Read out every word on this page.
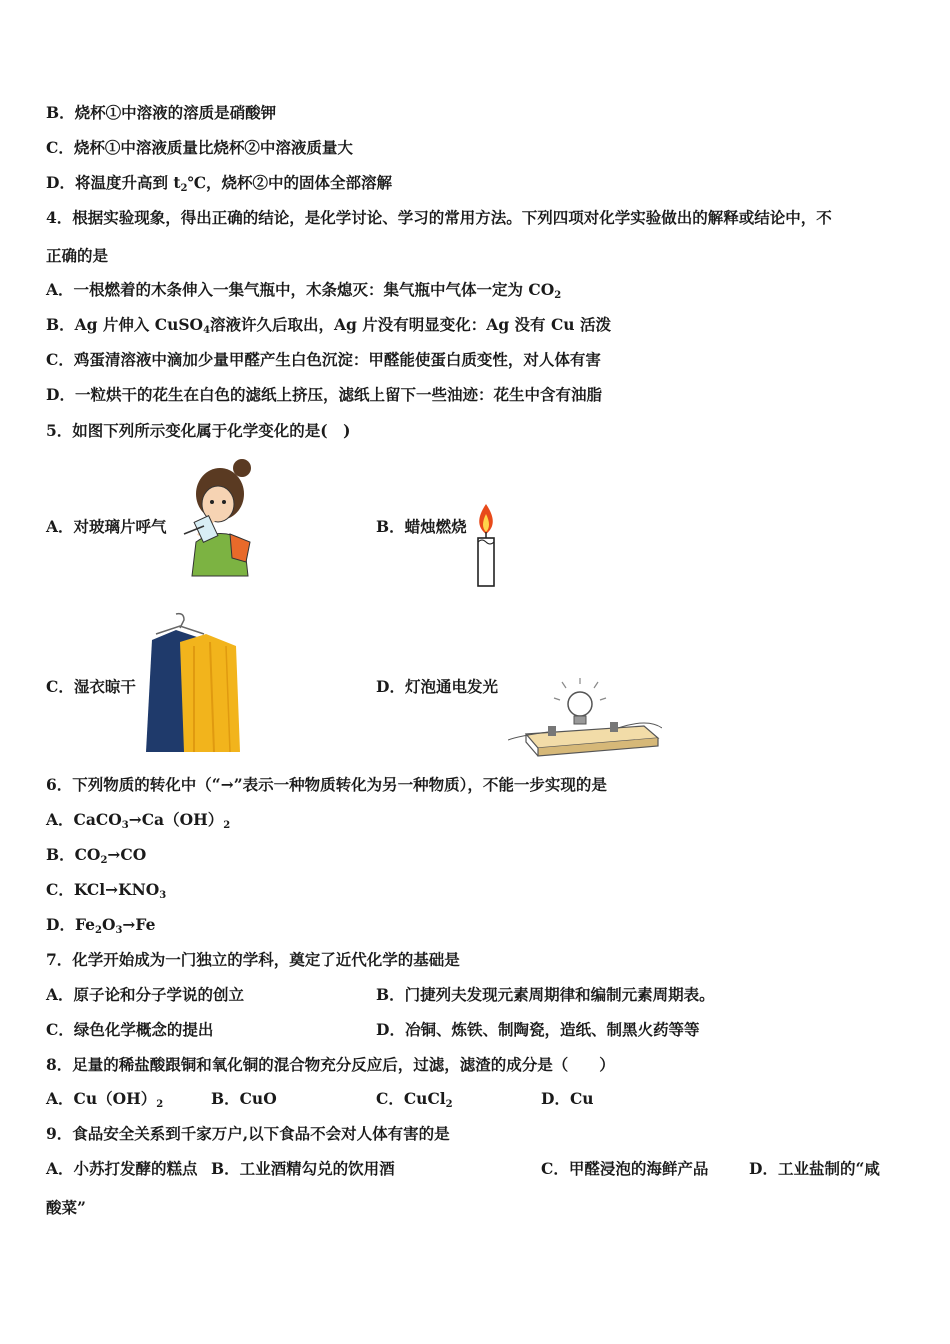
B．烧杯①中溶液的溶质是硝酸钾
C．烧杯①中溶液质量比烧杯②中溶液质量大
D．将温度升高到 $t_2℃$，烧杯②中的固体全部溶解
4．根据实验现象，得出正确的结论，是化学讨论、学习的常用方法。下列四项对化学实验做出的解释或结论中，不
正确的是
A．一根燃着的木条伸入一集气瓶中，木条熄灭：集气瓶中气体一定为 $CO_2$
B．Ag 片伸入 CuSO$_4$溶液许久后取出，Ag 片没有明显变化：Ag 没有 Cu 活泼
C．鸡蛋清溶液中滴加少量甲醛产生白色沉淀：甲醛能使蛋白质变性，对人体有害
D．一粒烘干的花生在白色的滤纸上挤压，滤纸上留下一些油迹：花生中含有油脂
5．如图下列所示变化属于化学变化的是(　)
A．对玻璃片呼气	B．蜡烛燃烧
C．湿衣晾干	D．灯泡通电发光
6．下列物质的转化中（“→”表示一种物质转化为另一种物质），不能一步实现的是
A．$CaCO_3\to Ca(OH)_2$
B．$CO_2\to CO$
C．$KCl\to KNO_3$
D．$Fe_2O_3\to Fe$
7．化学开始成为一门独立的学科，奠定了近代化学的基础是
A．原子论和分子学说的创立	B．门捷列夫发现元素周期律和编制元素周期表。
C．绿色化学概念的提出	D．冶铜、炼铁、制陶瓷，造纸、制黑火药等等
8．足量的稀盐酸跟铜和氧化铜的混合物充分反应后，过滤，滤渣的成分是（　　）
A．$Cu(OH)_2$	B．CuO	C．CuCl$_2$	D．Cu
9．食品安全关系到千家万户,以下食品不会对人体有害的是
A．小苏打发酵的糕点 B．工业酒精勾兑的饮用酒	C．甲醛浸泡的海鲜产品	D．工业盐制的“咸
酸菜”
